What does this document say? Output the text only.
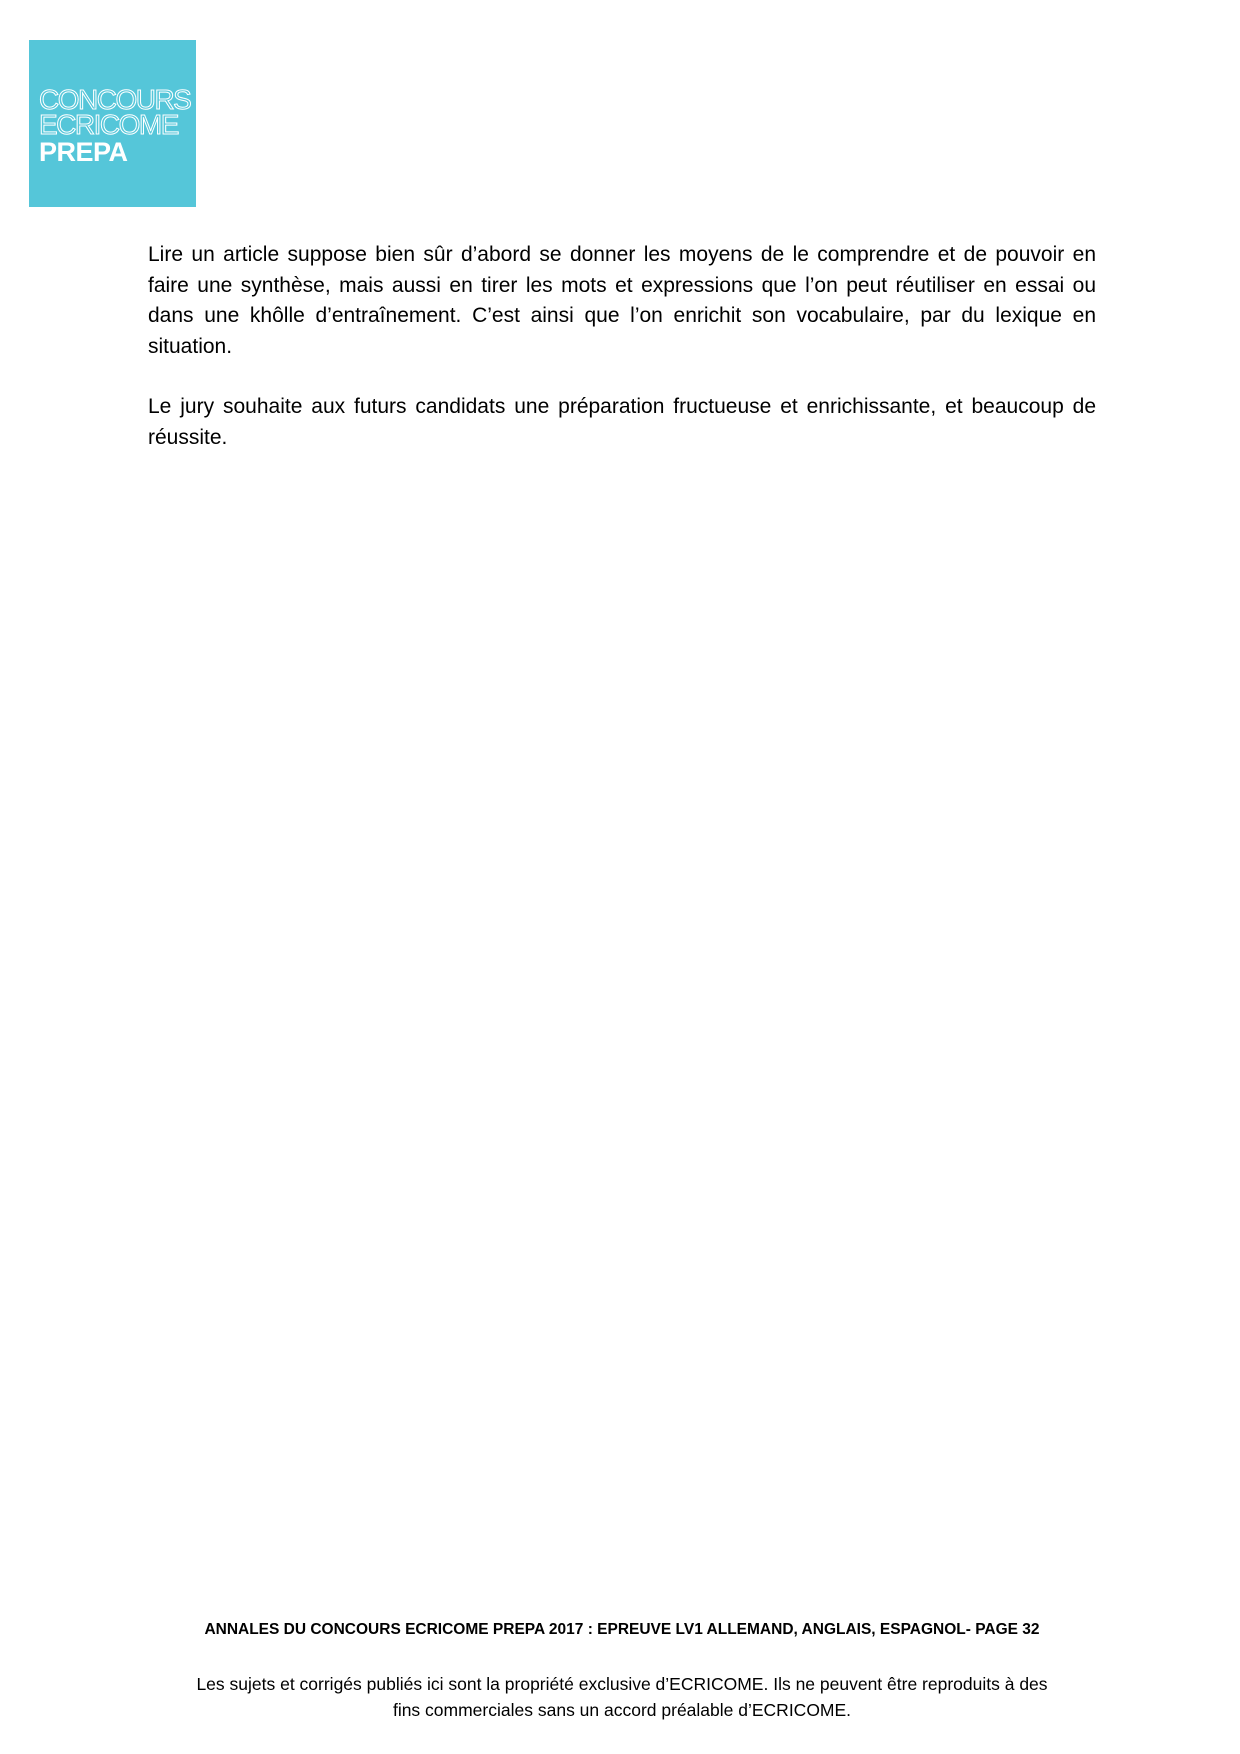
CONCOURS
ECRICOME
PREPA

Lire un article suppose bien sûr d’abord se donner les moyens de le comprendre et de pouvoir en faire une synthèse, mais aussi en tirer les mots et expressions que l’on peut réutiliser en essai ou dans une khôlle d’entraînement. C’est ainsi que l’on enrichit son vocabulaire, par du lexique en situation.

Le jury souhaite aux futurs candidats une préparation fructueuse et enrichissante, et beaucoup de réussite.

ANNALES DU CONCOURS ECRICOME PREPA 2017 : EPREUVE LV1 ALLEMAND, ANGLAIS, ESPAGNOL- PAGE 32
Les sujets et corrigés publiés ici sont la propriété exclusive d’ECRICOME. Ils ne peuvent être reproduits à des
fins commerciales sans un accord préalable d’ECRICOME.
